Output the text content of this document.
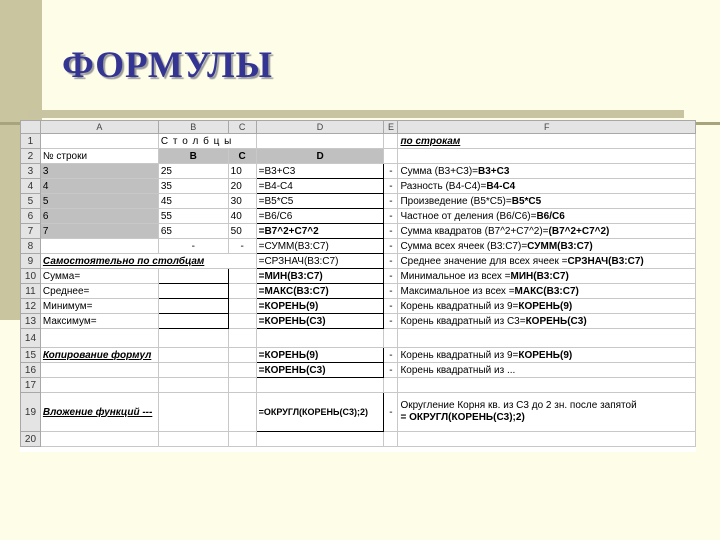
ФОРМУЛЫ
	A	B	C	D	E	F
1		С т о л б ц ы				по строкам
2	№ строки	B	C	D		
3	3	25	10	=B3+C3	-	Сумма (B3+C3)=B3+C3
4	4	35	20	=B4-C4	-	Разность (B4-C4)=B4-C4
5	5	45	30	=B5*C5	-	Произведение (B5*C5)=B5*C5
6	6	55	40	=B6/C6	-	Частное от деления (B6/C6)=B6/C6
7	7	65	50	=B7^2+C7^2	-	Сумма квадратов (B7^2+C7^2)=(B7^2+C7^2)
8		-	-	=СУММ(B3:C7)	-	Сумма всех ячеек (B3:C7)=СУММ(B3:C7)
9	Самостоятельно по столбцам			=СРЗНАЧ(B3:C7)	-	Среднее значение для всех ячеек =СРЗНАЧ(B3:C7)
10	Сумма=			=МИН(B3:C7)	-	Минимальное из всех =МИН(B3:C7)
11	Среднее=			=МАКС(B3:C7)	-	Максимальное из всех =МАКС(B3:C7)
12	Минимум=			=КОРЕНЬ(9)	-	Корень квадратный из 9=КОРЕНЬ(9)
13	Максимум=			=КОРЕНЬ(C3)	-	Корень квадратный из C3=КОРЕНЬ(C3)
14						
15	Копирование формул			=КОРЕНЬ(9)	-	Корень квадратный из 9=КОРЕНЬ(9)
16				=КОРЕНЬ(C3)	-	Корень квадратный из ...
17						
19	Вложение функций ---			=ОКРУГЛ(КОРЕНЬ(C3);2)	-	Округление Корня кв. из C3 до 2 зн. после запятой
= ОКРУГЛ(КОРЕНЬ(C3);2)
20						
